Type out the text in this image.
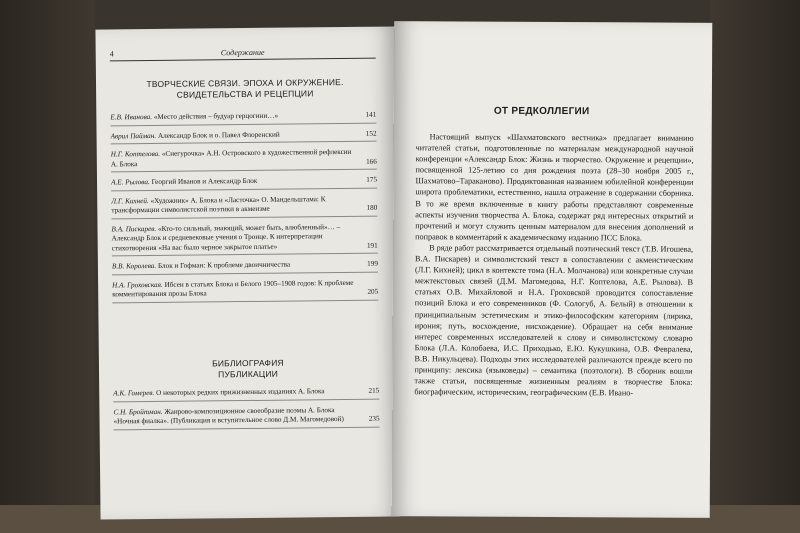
4	Содержание
ТВОРЧЕСКИЕ СВЯЗИ. ЭПОХА И ОКРУЖЕНИЕ.
СВИДЕТЕЛЬСТВА И РЕЦЕПЦИИ
Е.В. Иванова. «Место действия – будуар герцогини…»	141
Аврил Пайман. Александр Блок и о. Павел Флоренский	152
Н.Г. Коптелова. «Снегурочка» А.Н. Островского в художественной рефлексии А. Блока	166
А.Е. Рылова. Георгий Иванов и Александр Блок	175
Л.Г. Кихней. «Художник» А. Блока и «Ласточка» О. Мандельштама: К трансформации символистской поэтики в акмеизме	180
В.А. Пискарев. «Кто-то сильный, знающий, может быть, влюбленный»… – Александр Блок и средневековые учения о Троице. К интерпретации стихотворения «На вас было черное закрытое платье»	191
В.В. Королева. Блок и Гофман: К проблеме двоичничества	199
Н.А. Гроховская. Ибсен в статьях Блока и Белого 1905–1908 годов: К проблеме комментирования прозы Блока	205
БИБЛИОГРАФИЯ
ПУБЛИКАЦИИ
А.К. Гомерев. О некоторых редких прижизненных изданиях А. Блока	215
С.Н. Бройтман. Жанрово-композиционное своеобразие поэмы А. Блока «Ночная фиалка». (Публикация и вступительное слово Д.М. Магомедовой)	235
ОТ РЕДКОЛЛЕГИИ

Настоящий выпуск «Шахматовского вестника» предлагает вниманию читателей статьи, подготовленные по материалам международной научной конференции «Александр Блок: Жизнь и творчество. Окружение и рецепции», посвященной 125-летию со дня рождения поэта (28–30 ноября 2005 г., Шахматово–Тараканово). Продиктованная названием юбилейной конференции широта проблематики, естественно, нашла отражение в содержании сборника. В то же время включенные в книгу работы представляют современные аспекты изучения творчества А. Блока, содержат ряд интересных открытий и прочтений и могут служить ценным материалом для внесения дополнений и поправок в комментарий к академическому изданию ПСС Блока.

В ряде работ рассматривается отдельный поэтический текст (Т.В. Игошева, В.А. Пискарев) и символистский текст в сопоставлении с акмеистическим (Л.Г. Кихней); цикл в контексте тома (Н.А. Молчанова) или конкретные случаи межтекстовых связей (Д.М. Магомедова, Н.Г. Коптелова, А.Е. Рылова). В статьях О.В. Михайловой и Н.А. Гроховской проводится сопоставление позиций Блока и его современников (Ф. Сологуб, А. Белый) в отношении к принципиальным эстетическим и этико-философским категориям (лирика, ирония; путь, восхождение, нисхождение). Обращает на себя внимание интерес современных исследователей к слову и символистскому словарю Блока (Л.А. Колобаева, И.С. Приходько, Е.Ю. Кукушкина, О.В. Февралева, В.В. Никульцева). Подходы этих исследователей различаются прежде всего по принципу: лексика (языковеды) – семантика (поэтологи). В сборник вошли также статьи, посвященные жизненным реалиям в творчестве Блока: биографическим, историческим, географическим (Е.В. Ивано-
